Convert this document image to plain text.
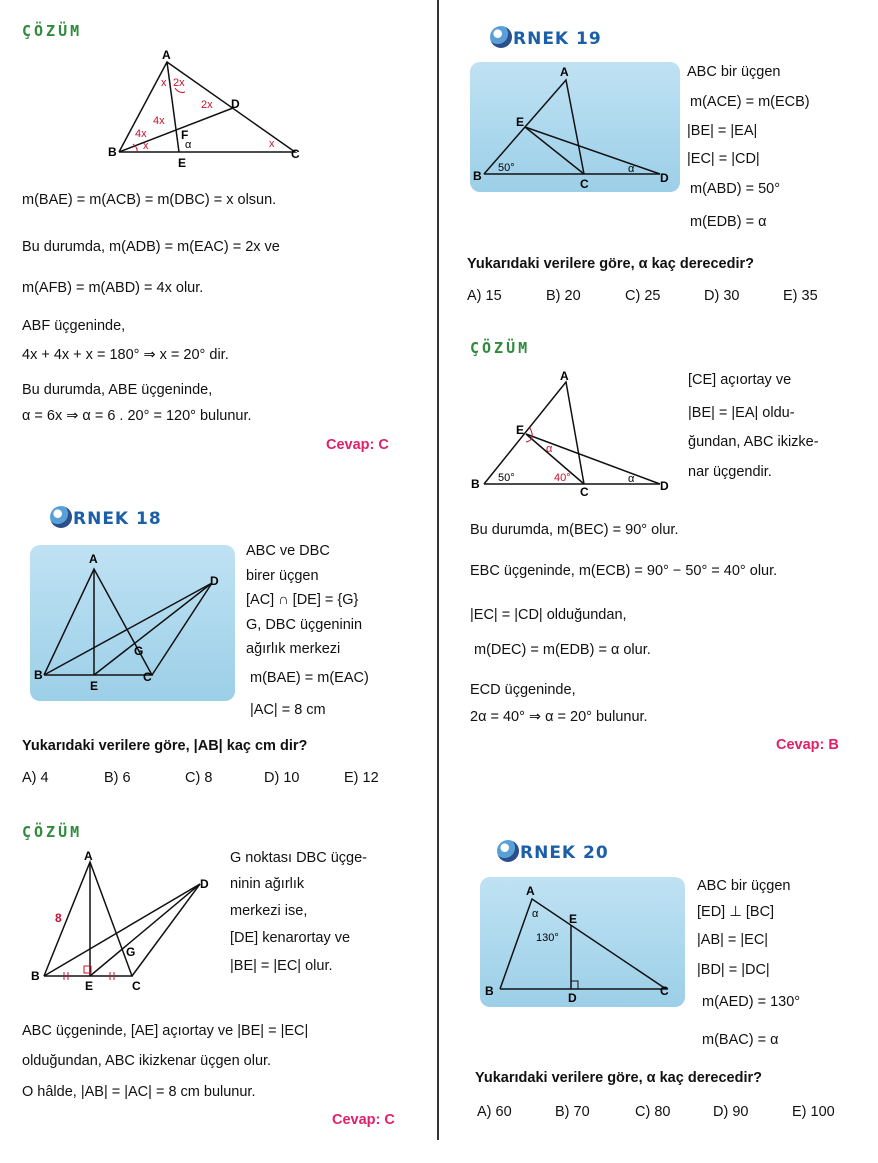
ÇÖZÜM
A
B	C
D
E
F
x 2x
2x
4x
4x
x	x
α
m(BAE) = m(ACB) = m(DBC) = x olsun.
Bu durumda, m(ADB) = m(EAC) = 2x ve
m(AFB) = m(ABD) = 4x olur.
ABF üçgeninde,
4x + 4x + x = 180° ⇒ x = 20° dir.
Bu durumda, ABE üçgeninde,
α = 6x ⇒ α = 6 . 20° = 120° bulunur.
Cevap: C
RNEK 18
A
B	C
D
E
G
ABC ve DBC
birer üçgen
[AC] ∩ [DE] = {G}
G, DBC üçgeninin
ağırlık merkezi
m(BAE) = m(EAC)
|AC| = 8 cm
Yukarıdaki verilere göre, |AB| kaç cm dir?
A) 4	B) 6	C) 8	D) 10	E) 12
ÇÖZÜM
A
B
C
D
E
G
8
G noktası DBC üçge-
ninin ağırlık
merkezi ise,
[DE] kenarortay ve
|BE| = |EC| olur.
ABC üçgeninde, [AE] açıortay ve |BE| = |EC|
olduğundan, ABC ikizkenar üçgen olur.
O hâlde, |AB| = |AC| = 8 cm bulunur.
Cevap: C
RNEK 19
A
B
C	D
E
50°	α
ABC bir üçgen
m(ACE) = m(ECB)
|BE| = |EA|
|EC| = |CD|
m(ABD) = 50°
m(EDB) = α
Yukarıdaki verilere göre, α kaç derecedir?
A) 15	B) 20	C) 25	D) 30	E) 35
ÇÖZÜM
A
B
C	D
E
50°	40°
α
α
[CE] açıortay ve
|BE| = |EA| oldu-
ğundan, ABC ikizke-
nar üçgendir.
Bu durumda, m(BEC) = 90° olur.
EBC üçgeninde, m(ECB) = 90° − 50° = 40° olur.
|EC| = |CD| olduğundan,
m(DEC) = m(EDB) = α olur.
ECD üçgeninde,
2α = 40° ⇒ α = 20° bulunur.
Cevap: B
RNEK 20
A
B	C
D
E
130°
α
ABC bir üçgen
[ED] ⊥ [BC]
|AB| = |EC|
|BD| = |DC|
m(AED) = 130°
m(BAC) = α
Yukarıdaki verilere göre, α kaç derecedir?
A) 60	B) 70	C) 80	D) 90	E) 100
